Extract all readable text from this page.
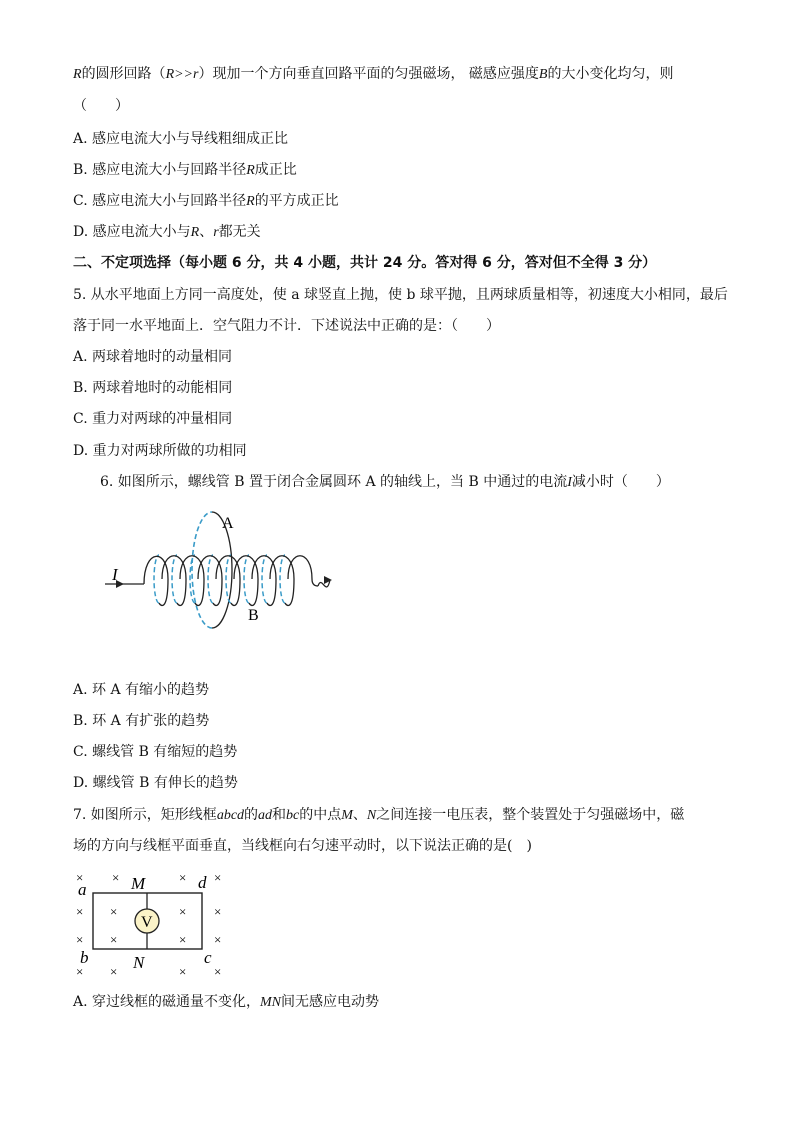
R的圆形回路（R>>r）现加一个方向垂直回路平面的匀强磁场， 磁感应强度B的大小变化均匀，则
（　　）
A. 感应电流大小与导线粗细成正比
B. 感应电流大小与回路半径R成正比
C. 感应电流大小与回路半径R的平方成正比
D. 感应电流大小与R、r都无关
二、不定项选择（每小题 6 分，共 4 小题，共计 24 分。答对得 6 分，答对但不全得 3 分）
5. 从水平地面上方同一高度处，使 a 球竖直上抛，使 b 球平抛，且两球质量相等，初速度大小相同，最后
落于同一水平地面上．空气阻力不计．下述说法中正确的是：（　　）
A. 两球着地时的动量相同
B. 两球着地时的动能相同
C. 重力对两球的冲量相同
D. 重力对两球所做的功相同
6. 如图所示，螺线管 B 置于闭合金属圆环 A 的轴线上，当 B 中通过的电流I减小时（　　）
A
B
I
A. 环 A 有缩小的趋势
B. 环 A 有扩张的趋势
C. 螺线管 B 有缩短的趋势
D. 螺线管 B 有伸长的趋势
7. 如图所示，矩形线框abcd的ad和bc的中点M、N之间连接一电压表，整个装置处于匀强磁场中，磁
场的方向与线框平面垂直，当线框向右匀速平动时，以下说法正确的是(　)
V
× ×	× ×
× ×	× ×
× ×	× ×
× ×	× ×
a
b	c
d
M
N
A. 穿过线框的磁通量不变化，MN间无感应电动势
